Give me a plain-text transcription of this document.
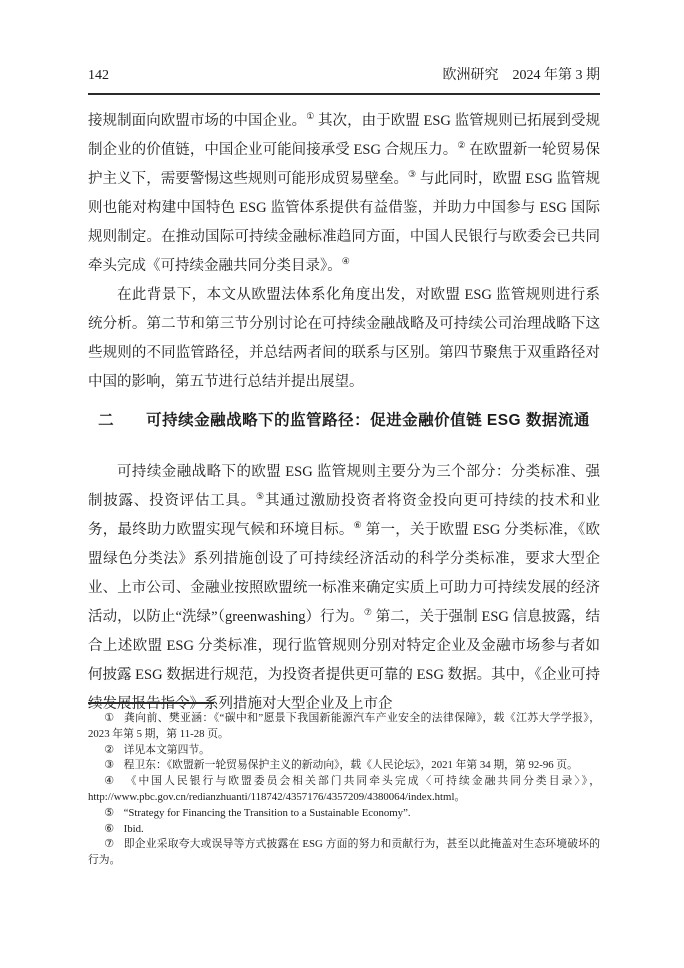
142	欧洲研究　2024 年第 3 期

接规制面向欧盟市场的中国企业。① 其次，由于欧盟 ESG 监管规则已拓展到受规制企业的价值链，中国企业可能间接承受 ESG 合规压力。② 在欧盟新一轮贸易保护主义下，需要警惕这些规则可能形成贸易壁垒。③ 与此同时，欧盟 ESG 监管规则也能对构建中国特色 ESG 监管体系提供有益借鉴，并助力中国参与 ESG 国际规则制定。在推动国际可持续金融标准趋同方面，中国人民银行与欧委会已共同牵头完成《可持续金融共同分类目录》。④

在此背景下，本文从欧盟法体系化角度出发，对欧盟 ESG 监管规则进行系统分析。第二节和第三节分别讨论在可持续金融战略及可持续公司治理战略下这些规则的不同监管路径，并总结两者间的联系与区别。第四节聚焦于双重路径对中国的影响，第五节进行总结并提出展望。

二　　可持续金融战略下的监管路径：促进金融价值链 ESG 数据流通

可持续金融战略下的欧盟 ESG 监管规则主要分为三个部分：分类标准、强制披露、投资评估工具。⑤其通过激励投资者将资金投向更可持续的技术和业务，最终助力欧盟实现气候和环境目标。⑥ 第一，关于欧盟 ESG 分类标准，《欧盟绿色分类法》系列措施创设了可持续经济活动的科学分类标准，要求大型企业、上市公司、金融业按照欧盟统一标准来确定实质上可助力可持续发展的经济活动，以防止“洗绿”（greenwashing）行为。⑦ 第二，关于强制 ESG 信息披露，结合上述欧盟 ESG 分类标准，现行监管规则分别对特定企业及金融市场参与者如何披露 ESG 数据进行规范，为投资者提供更可靠的 ESG 数据。其中，《企业可持续发展报告指令》系列措施对大型企业及上市企

① 龚向前、樊亚涵：《“碳中和”愿景下我国新能源汽车产业安全的法律保障》，载《江苏大学学报》，2023 年第 5 期，第 11-28 页。

② 详见本文第四节。

③ 程卫东：《欧盟新一轮贸易保护主义的新动向》，载《人民论坛》，2021 年第 34 期，第 92-96 页。

④ 《中国人民银行与欧盟委员会相关部门共同牵头完成〈可持续金融共同分类目录〉》，http://www.pbc.gov.cn/redianzhuanti/118742/4357176/4357209/4380064/index.html。

⑤ “Strategy for Financing the Transition to a Sustainable Economy”.

⑥ Ibid.

⑦ 即企业采取夸大或误导等方式披露在 ESG 方面的努力和贡献行为，甚至以此掩盖对生态环境破坏的行为。
